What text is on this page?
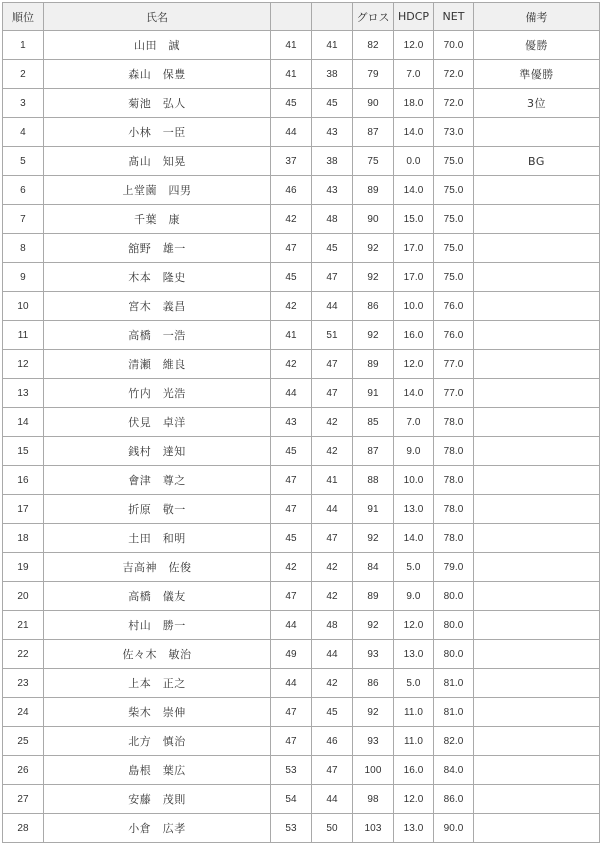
順位	氏名			グロス	HDCP	NET	備考
1	山田　誠	41	41	82	12.0	70.0	優勝
2	森山　保豊	41	38	79	7.0	72.0	準優勝
3	菊池　弘人	45	45	90	18.0	72.0	3位
4	小林　一臣	44	43	87	14.0	73.0	
5	髙山　知晃	37	38	75	0.0	75.0	BG
6	上堂薗　四男	46	43	89	14.0	75.0	
7	千葉　康	42	48	90	15.0	75.0	
8	舘野　雄一	47	45	92	17.0	75.0	
9	木本　隆史	45	47	92	17.0	75.0	
10	宮木　義昌	42	44	86	10.0	76.0	
11	高橋　一浩	41	51	92	16.0	76.0	
12	清瀬　維良	42	47	89	12.0	77.0	
13	竹内　光浩	44	47	91	14.0	77.0	
14	伏見　卓洋	43	42	85	7.0	78.0	
15	銭村　達知	45	42	87	9.0	78.0	
16	會津　尊之	47	41	88	10.0	78.0	
17	折原　敬一	47	44	91	13.0	78.0	
18	土田　和明	45	47	92	14.0	78.0	
19	吉高神　佐俊	42	42	84	5.0	79.0	
20	高橋　儀友	47	42	89	9.0	80.0	
21	村山　勝一	44	48	92	12.0	80.0	
22	佐々木　敏治	49	44	93	13.0	80.0	
23	上本　正之	44	42	86	5.0	81.0	
24	柴木　崇伸	47	45	92	11.0	81.0	
25	北方　慎治	47	46	93	11.0	82.0	
26	島根　葉広	53	47	100	16.0	84.0	
27	安藤　茂則	54	44	98	12.0	86.0	
28	小倉　広孝	53	50	103	13.0	90.0	
